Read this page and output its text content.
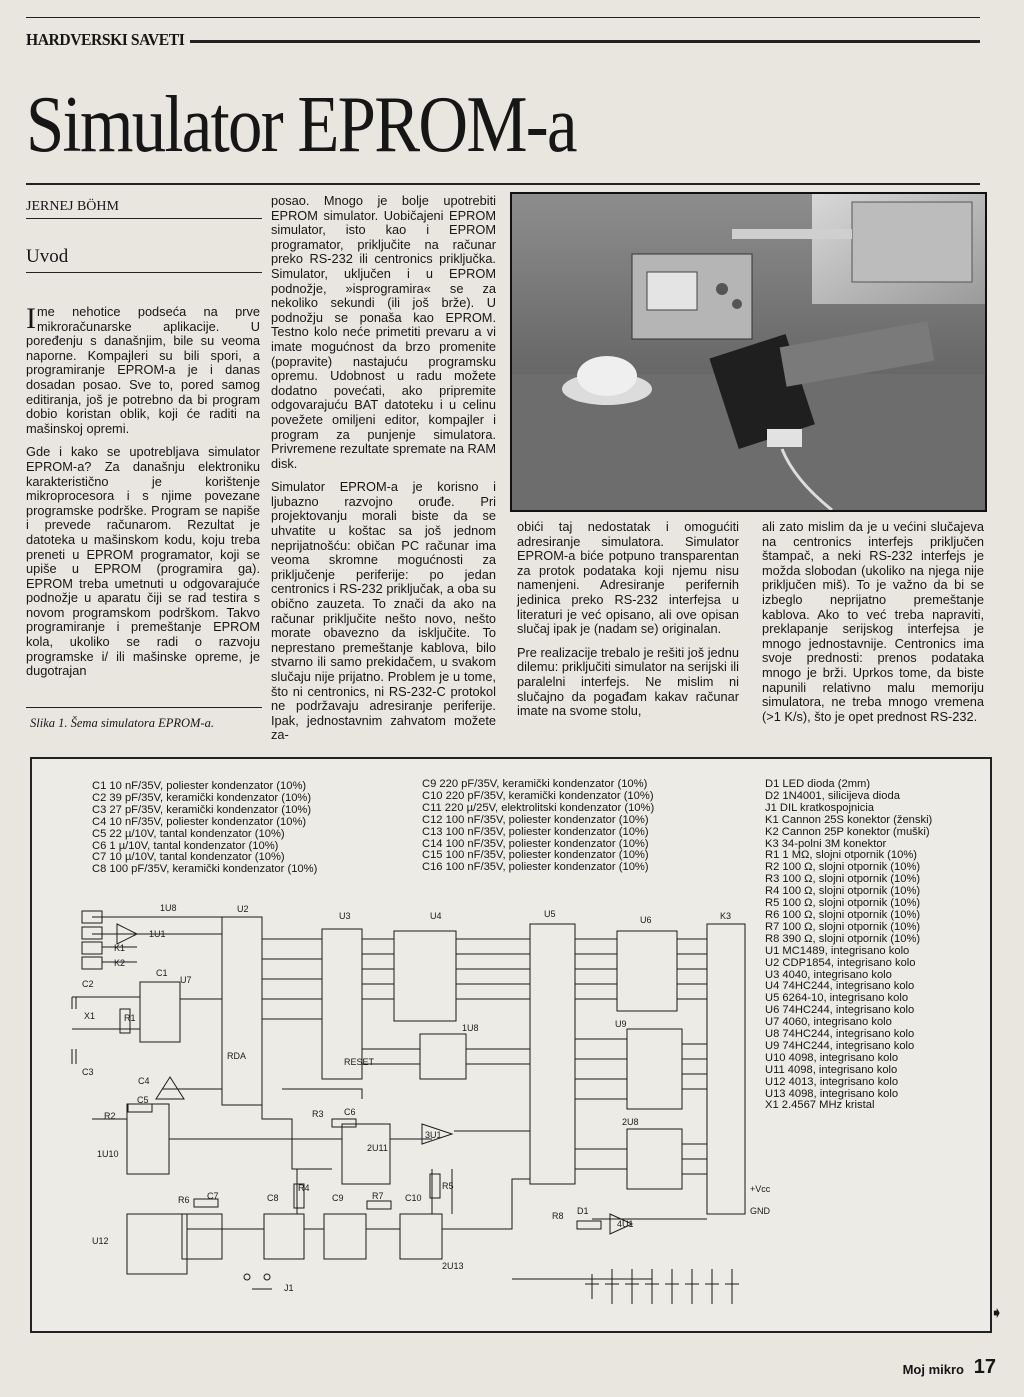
HARDVERSKI SAVETI
Simulator EPROM-a
JERNEJ BÖHM
Uvod

Ime nehotice podseća na prve mikroračunarske aplikacije. U poređenju s današnjim, bile su veoma naporne. Kompajleri su bili spori, a programiranje EPROM-a je i danas dosadan posao. Sve to, pored samog editiranja, još je potrebno da bi program dobio koristan oblik, koji će raditi na mašinskoj opremi.

Gde i kako se upotrebljava simulator EPROM-a? Za današnju elektroniku karakteristično je korištenje mikroprocesora i s njime povezane programske podrške. Program se napiše i prevede računarom. Rezultat je datoteka u mašinskom kodu, koju treba preneti u EPROM programator, koji se upiše u EPROM (programira ga). EPROM treba umetnuti u odgovarajuće podnožje u aparatu čiji se rad testira s novom programskom podrškom. Takvo programiranje i premeštanje EPROM kola, ukoliko se radi o razvoju programske i/ ili mašinske opreme, je dugotrajan

Slika 1. Šema simulatora EPROM-a.

posao. Mnogo je bolje upotrebiti EPROM simulator. Uobičajeni EPROM simulator, isto kao i EPROM programator, priključite na računar preko RS-232 ili centronics priključka. Simulator, uključen i u EPROM podnožje, »isprogramira« se za nekoliko sekundi (ili još brže). U podnožju se ponaša kao EPROM. Testno kolo neće primetiti prevaru a vi imate mogućnost da brzo promenite (popravite) nastajuću programsku opremu. Udobnost u radu možete dodatno povećati, ako pripremite odgovarajuću BAT datoteku i u celinu povežete omiljeni editor, kompajler i program za punjenje simulatora. Privremene rezultate spremate na RAM disk.

Simulator EPROM-a je korisno i ljubazno razvojno oruđe. Pri projektovanju morali biste da se uhvatite u koštac sa još jednom neprijatnošću: običan PC računar ima veoma skromne mogućnosti za priključenje periferije: po jedan centronics i RS-232 priključak, a oba su obično zauzeta. To znači da ako na računar priključite nešto novo, nešto morate obavezno da isključite. To neprestano premeštanje kablova, bilo stvarno ili samo prekidačem, u svakom slučaju nije prijatno. Problem je u tome, što ni centronics, ni RS-232-C protokol ne podržavaju adresiranje periferije. Ipak, jednostavnim zahvatom možete za-

obići taj nedostatak i omogućiti adresiranje simulatora. Simulator EPROM-a biće potpuno transparentan za protok podataka koji njemu nisu namenjeni. Adresiranje perifernih jedinica preko RS-232 interfejsa u literaturi je već opisano, ali ove opisan slučaj ipak je (nadam se) originalan.

Pre realizacije trebalo je rešiti još jednu dilemu: priključiti simulator na serijski ili paralelni interfejs. Ne mislim ni slučajno da pogađam kakav računar imate na svome stolu,

ali zato mislim da je u većini slučajeva na centronics interfejs priključen štampač, a neki RS-232 interfejs je možda slobodan (ukoliko na njega nije priključen miš). To je važno da bi se izbeglo neprijatno premeštanje kablova. Ako to već treba napraviti, preklapanje serijskog interfejsa je mnogo jednostavnije. Centronics ima svoje prednosti: prenos podataka mnogo je brži. Uprkos tome, da biste napunili relativno malu memoriju simulatora, ne treba mnogo vremena (>1 K/s), što je opet prednost RS-232.

C1 10 nF/35V, poliester kondenzator (10%)
C2 39 pF/35V, keramički kondenzator (10%)
C3 27 pF/35V, keramički kondenzator (10%)
C4 10 nF/35V, poliester kondenzator (10%)
C5 22 µ/10V, tantal kondenzator (10%)
C6 1 µ/10V, tantal kondenzator (10%)
C7 10 µ/10V, tantal kondenzator (10%)
C8 100 pF/35V, keramički kondenzator (10%)
C9 220 pF/35V, keramički kondenzator (10%)
C10 220 pF/35V, keramički kondenzator (10%)
C11 220 µ/25V, elektrolitski kondenzator (10%)
C12 100 nF/35V, poliester kondenzator (10%)
C13 100 nF/35V, poliester kondenzator (10%)
C14 100 nF/35V, poliester kondenzator (10%)
C15 100 nF/35V, poliester kondenzator (10%)
C16 100 nF/35V, poliester kondenzator (10%)
D1 LED dioda (2mm)
D2 1N4001, silicijeva dioda
J1 DIL kratkospojnicia
K1 Cannon 25S konektor (ženski)
K2 Cannon 25P konektor (muški)
K3 34-polni 3M konektor
R1 1 MΩ, slojni otpornik (10%)
R2 100 Ω, slojni otpornik (10%)
R3 100 Ω, slojni otpornik (10%)
R4 100 Ω, slojni otpornik (10%)
R5 100 Ω, slojni otpornik (10%)
R6 100 Ω, slojni otpornik (10%)
R7 100 Ω, slojni otpornik (10%)
R8 390 Ω, slojni otpornik (10%)
U1 MC1489, integrisano kolo
U2 CDP1854, integrisano kolo
U3 4040, integrisano kolo
U4 74HC244, integrisano kolo
U5 6264-10, integrisano kolo
U6 74HC244, integrisano kolo
U7 4060, integrisano kolo
U8 74HC244, integrisano kolo
U9 74HC244, integrisano kolo
U10 4098, integrisano kolo
U11 4098, integrisano kolo
U12 4013, integrisano kolo
U13 4098, integrisano kolo
X1 2.4567 MHz kristal
U2
U3	U4	U5
U6	K3
U7
1U8
U9
K1
K2
X1	R1
R2	R3
R4	R5
R6	R7
R8 D1
J1
U12
RESET
RDA
C1
C2
C3
C4
C5
C6
C7	C8	C9	C10
1U1
3U1
4U1
1U10
2U11
2U13
1U8
2U8
+Vcc
GND
➧
Moj mikro 17
